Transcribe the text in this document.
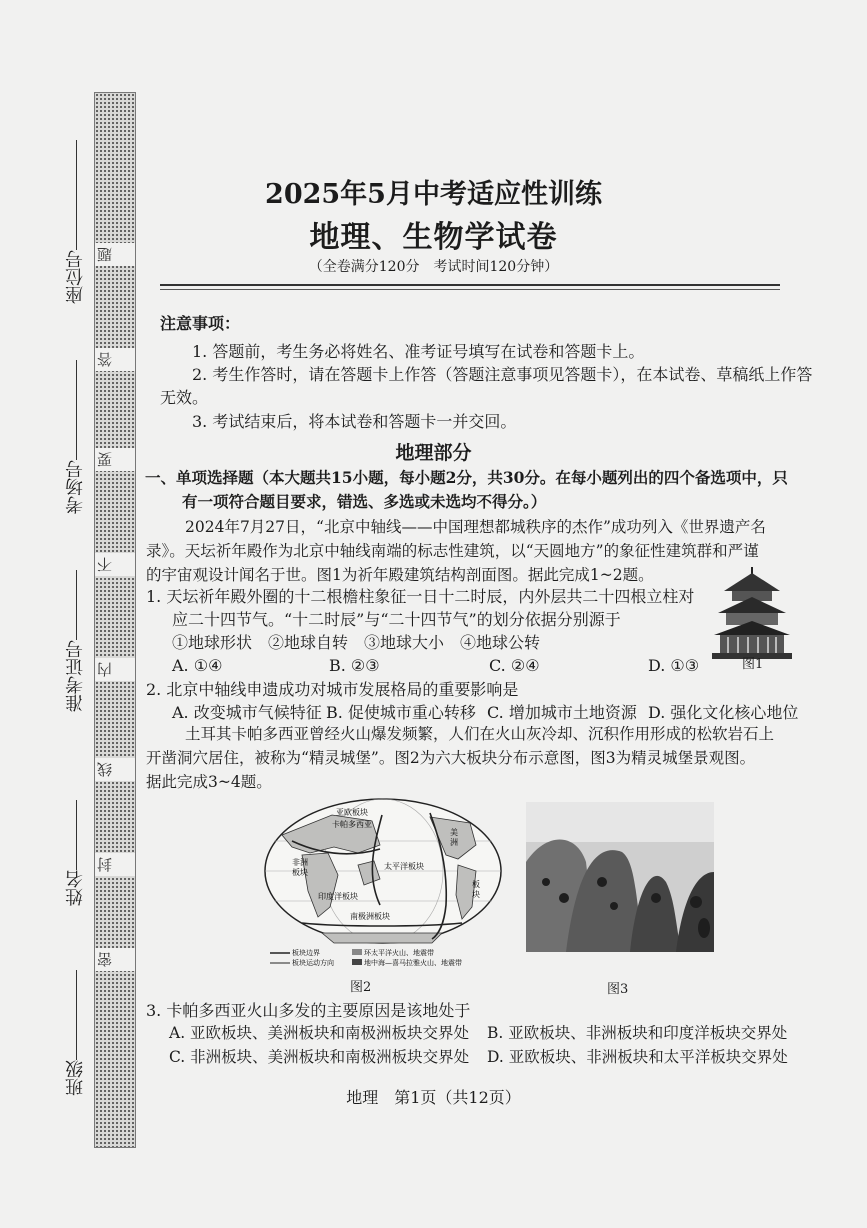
题
答
要
不
内
线
封
密
座位号
考场号
准考证号
姓名
班级
2025年5月中考适应性训练
地理、生物学试卷
（全卷满分120分　考试时间120分钟）
注意事项：
1. 答题前，考生务必将姓名、准考证号填写在试卷和答题卡上。
2. 考生作答时，请在答题卡上作答（答题注意事项见答题卡），在本试卷、草稿纸上作答
无效。
3. 考试结束后，将本试卷和答题卡一并交回。
地理部分
一、单项选择题（本大题共15小题，每小题2分，共30分。在每小题列出的四个备选项中，只
有一项符合题目要求，错选、多选或未选均不得分。）
2024年7月27日，“北京中轴线——中国理想都城秩序的杰作”成功列入《世界遗产名
录》。天坛祈年殿作为北京中轴线南端的标志性建筑，以“天圆地方”的象征性建筑群和严谨
的宇宙观设计闻名于世。图1为祈年殿建筑结构剖面图。据此完成1~2题。
1. 天坛祈年殿外圈的十二根檐柱象征一日十二时辰，内外层共二十四根立柱对
应二十四节气。“十二时辰”与“二十四节气”的划分依据分别源于
①地球形状　②地球自转　③地球大小　④地球公转
A. ①④	B. ②③	C. ②④	D. ①③	图1
2. 北京中轴线申遗成功对城市发展格局的重要影响是
A. 改变城市气候特征 B. 促使城市重心转移 C. 增加城市土地资源 D. 强化文化核心地位
土耳其卡帕多西亚曾经火山爆发频繁，人们在火山灰冷却、沉积作用形成的松软岩石上
开凿洞穴居住，被称为“精灵城堡”。图2为六大板块分布示意图，图3为精灵城堡景观图。
据此完成3~4题。
亚欧板块
卡帕多西亚
美
洲
非洲
板块
太平洋板块
印度洋板块
南极洲板块
板
块
板块边界
板块运动方向
环太平洋火山、地震带
地中海—喜马拉雅火山、地震带
图2	图3
3. 卡帕多西亚火山多发的主要原因是该地处于
A. 亚欧板块、美洲板块和南极洲板块交界处 B. 亚欧板块、非洲板块和印度洋板块交界处
C. 非洲板块、美洲板块和南极洲板块交界处 D. 亚欧板块、非洲板块和太平洋板块交界处
地理　第1页（共12页）
